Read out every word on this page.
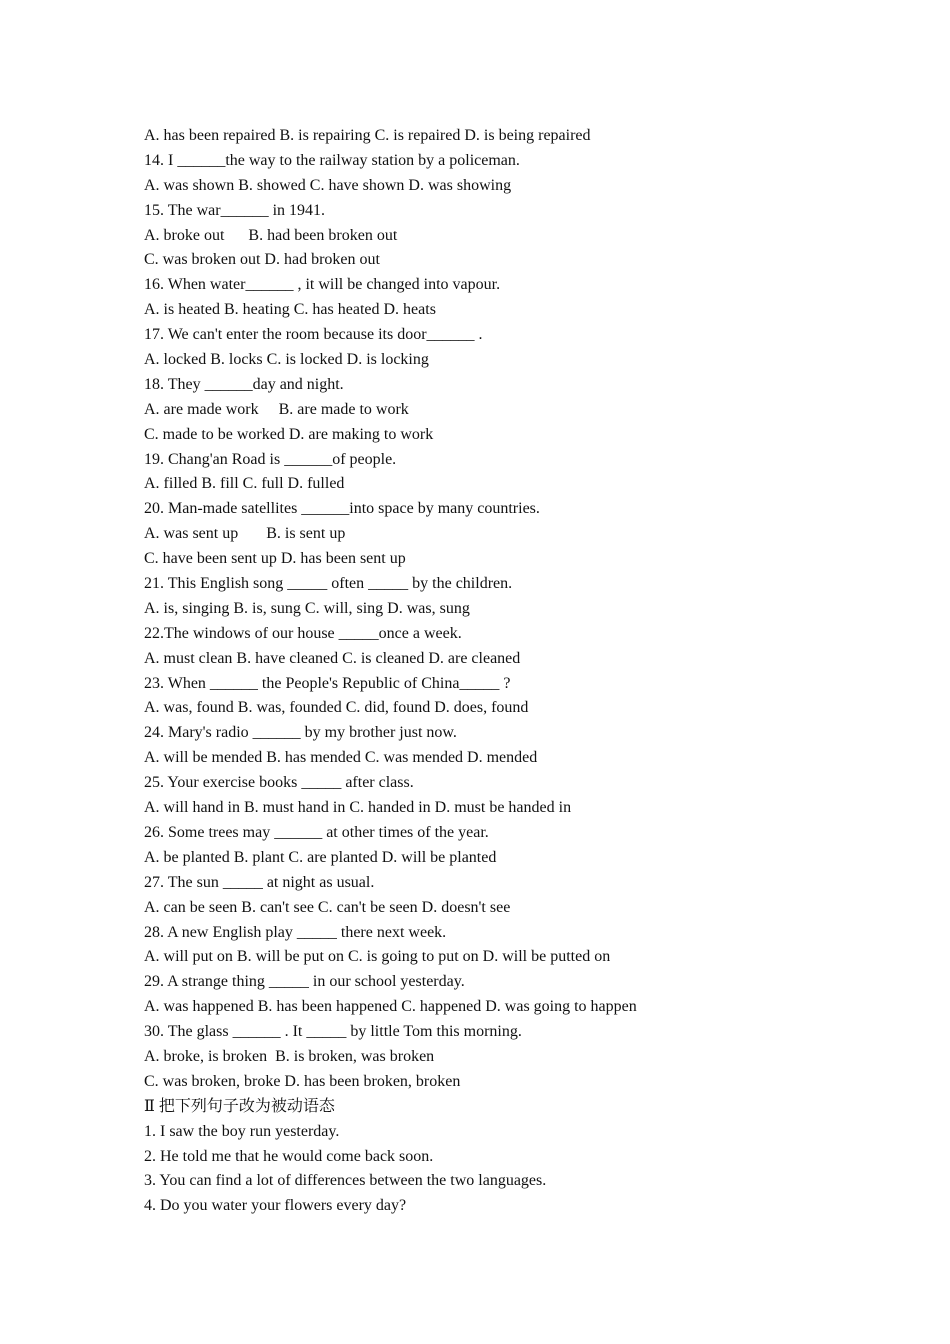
A. has been repaired B. is repairing C. is repaired D. is being repaired
14. I ______the way to the railway station by a policeman.
A. was shown B. showed C. have shown D. was showing
15. The war______ in 1941.
A. broke out      B. had been broken out
C. was broken out D. had broken out
16. When water______ , it will be changed into vapour.
A. is heated B. heating C. has heated D. heats
17. We can't enter the room because its door______ .
A. locked B. locks C. is locked D. is locking
18. They ______day and night.
A. are made work     B. are made to work
C. made to be worked D. are making to work
19. Chang'an Road is ______of people.
A. filled B. fill C. full D. fulled
20. Man-made satellites ______into space by many countries.
A. was sent up       B. is sent up
C. have been sent up D. has been sent up
21. This English song _____ often _____ by the children.
A. is, singing B. is, sung C. will, sing D. was, sung
22.The windows of our house _____once a week.
A. must clean B. have cleaned C. is cleaned D. are cleaned
23. When ______ the People's Republic of China_____ ?
A. was, found B. was, founded C. did, found D. does, found
24. Mary's radio ______ by my brother just now.
A. will be mended B. has mended C. was mended D. mended
25. Your exercise books _____ after class.
A. will hand in B. must hand in C. handed in D. must be handed in
26. Some trees may ______ at other times of the year.
A. be planted B. plant C. are planted D. will be planted
27. The sun _____ at night as usual.
A. can be seen B. can't see C. can't be seen D. doesn't see
28. A new English play _____ there next week.
A. will put on B. will be put on C. is going to put on D. will be putted on
29. A strange thing _____ in our school yesterday.
A. was happened B. has been happened C. happened D. was going to happen
30. The glass ______ . It _____ by little Tom this morning.
A. broke, is broken  B. is broken, was broken
C. was broken, broke D. has been broken, broken
Ⅱ 把下列句子改为被动语态
1. I saw the boy run yesterday.
2. He told me that he would come back soon.
3. You can find a lot of differences between the two languages.
4. Do you water your flowers every day?
